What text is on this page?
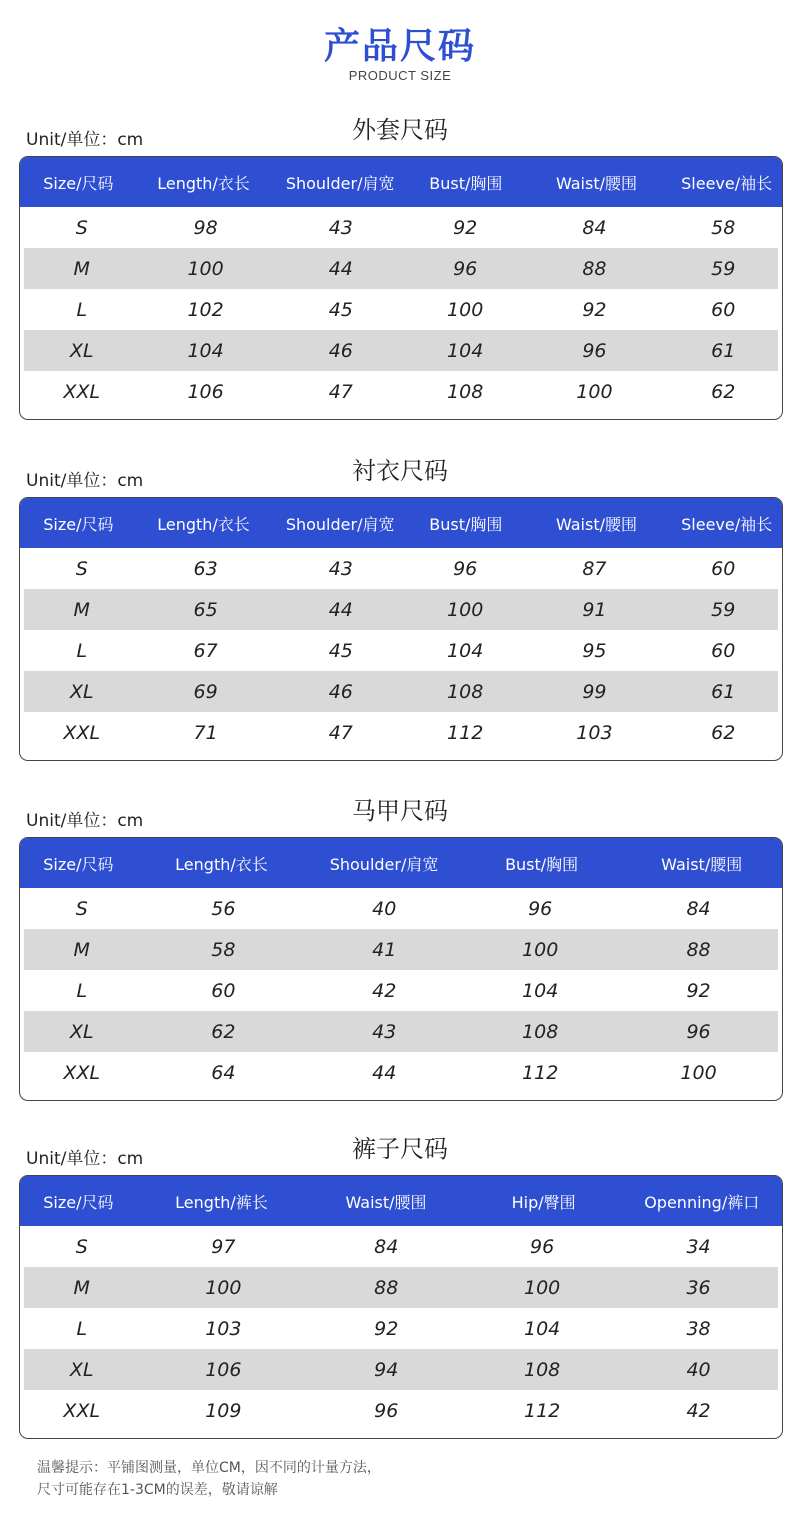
产品尺码
PRODUCT SIZE
外套尺码
Unit/单位：cm
Size/尺码	Length/衣长	Shoulder/肩宽	Bust/胸围	Waist/腰围	Sleeve/袖长
S	98	43	92	84	58
M	100	44	96	88	59
L	102	45	100	92	60
XL	104	46	104	96	61
XXL	106	47	108	100	62
衬衣尺码
Unit/单位：cm
Size/尺码	Length/衣长	Shoulder/肩宽	Bust/胸围	Waist/腰围	Sleeve/袖长
S	63	43	96	87	60
M	65	44	100	91	59
L	67	45	104	95	60
XL	69	46	108	99	61
XXL	71	47	112	103	62
马甲尺码
Unit/单位：cm
Size/尺码	Length/衣长	Shoulder/肩宽	Bust/胸围	Waist/腰围
S	56	40	96	84
M	58	41	100	88
L	60	42	104	92
XL	62	43	108	96
XXL	64	44	112	100
裤子尺码
Unit/单位：cm
Size/尺码	Length/裤长	Waist/腰围	Hip/臀围	Openning/裤口
S	97	84	96	34
M	100	88	100	36
L	103	92	104	38
XL	106	94	108	40
XXL	109	96	112	42
温馨提示：平铺图测量，单位CM，因不同的计量方法，
尺寸可能存在1-3CM的误差，敬请谅解
